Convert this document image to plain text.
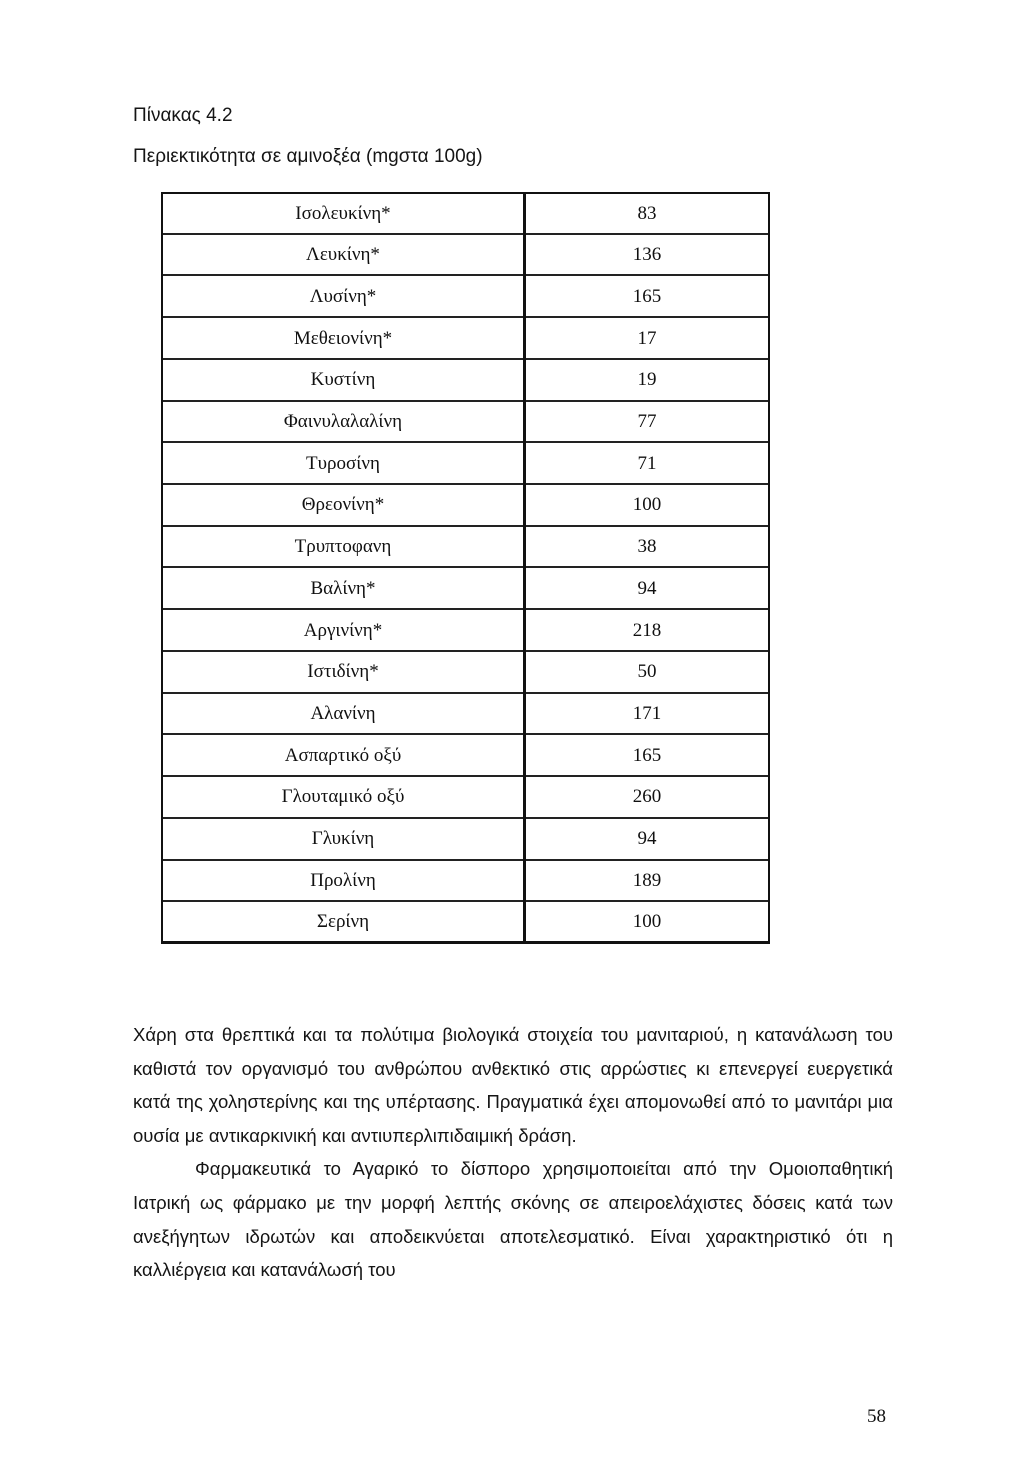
Πίνακας 4.2
Περιεκτικότητα σε αμινοξέα (mgστα 100g)
Ισολευκίνη*	83
Λευκίνη*	136
Λυσίνη*	165
Μεθειονίνη*	17
Κυστίνη	19
Φαινυλαλαλίνη	77
Τυροσίνη	71
Θρεονίνη*	100
Τρυπτοφανη	38
Βαλίνη*	94
Αργινίνη*	218
Ιστιδίνη*	50
Αλανίνη	171
Ασπαρτικό οξύ	165
Γλουταμικό οξύ	260
Γλυκίνη	94
Προλίνη	189
Σερίνη	100

Χάρη στα θρεπτικά και τα πολύτιμα βιολογικά στοιχεία του μανιταριού, η κατανάλωση του καθιστά τον οργανισμό του ανθρώπου ανθεκτικό στις αρρώστιες κι επενεργεί ευεργετικά κατά της χοληστερίνης και της υπέρτασης. Πραγματικά έχει απομονωθεί από το μανιτάρι μια ουσία με αντικαρκινική και αντιυπερλιπιδαιμική δράση.

Φαρμακευτικά το Αγαρικό το δίσπορο χρησιμοποιείται από την Ομοιοπαθητική Ιατρική ως φάρμακο με την μορφή λεπτής σκόνης σε απειροελάχιστες δόσεις κατά των ανεξήγητων ιδρωτών και αποδεικνύεται αποτελεσματικό. Είναι χαρακτηριστικό ότι η καλλιέργεια και κατανάλωσή του

58
